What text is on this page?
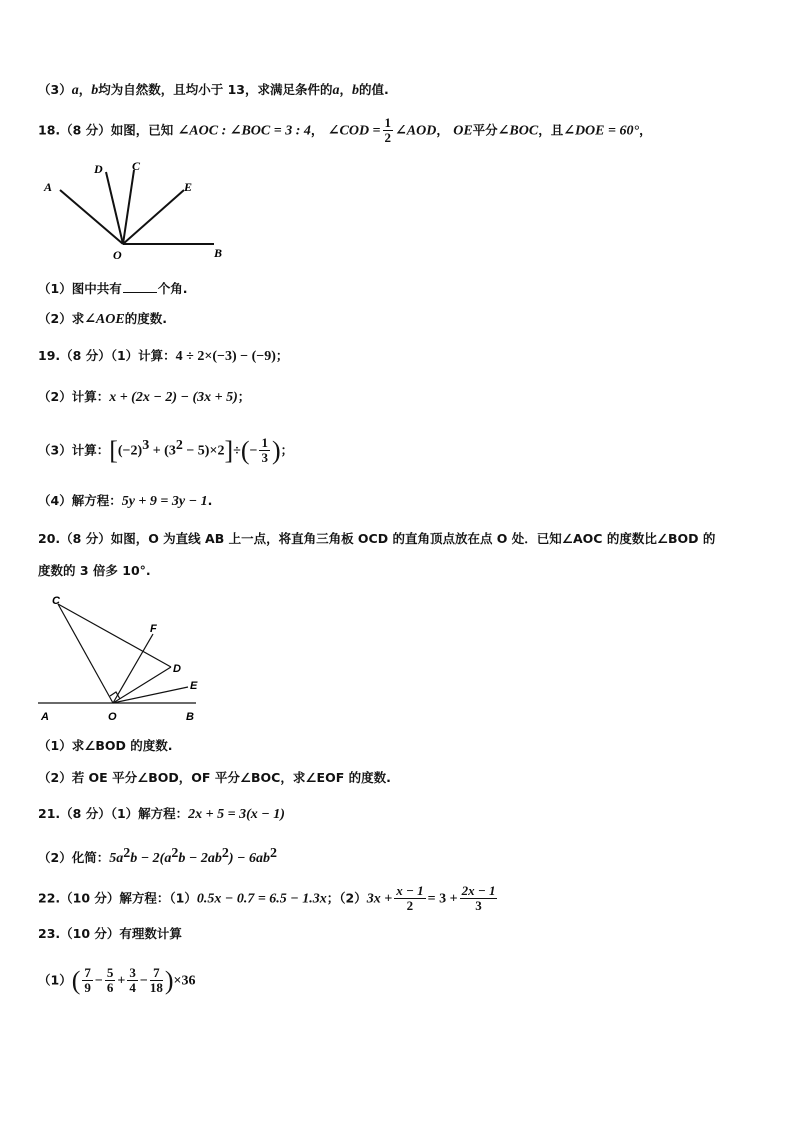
（3）a，b均为自然数，且均小于 13，求满足条件的a，b的值.
18.（8 分）如图，已知 ∠AOC : ∠BOC = 3 : 4， ∠COD = $\frac{1}{2}$ ∠AOD， OE平分∠BOC，且∠DOE = 60°，
A
D C
E
O	B
（1）图中共有	个角.
（2）求∠AOE的度数.
19.（8 分）（1）计算：4 ÷ 2×(−3) − (−9)；
（2）计算：x + (2x − 2) − (3x + 5)；
（3）计算：$[(-2)^3 + (3^2 - 5)\times 2]\div(- \frac{1}{3}$ )；
（4）解方程：5y + 9 = 3y − 1.
20.（8 分）如图，O 为直线 AB 上一点，将直角三角板 OCD 的直角顶点放在点 O 处．已知∠AOC 的度数比∠BOD 的
度数的 3 倍多 10°.
C
F
D
E
A	O	B
（1）求∠BOD 的度数.
（2）若 OE 平分∠BOD，OF 平分∠BOC，求∠EOF 的度数.
21.（8 分）（1）解方程：2x + 5 = 3(x − 1)
（2）化简：$5a^2b - 2(a^2b - 2ab^2) - 6ab^2$
22.（10 分）解方程：（1）0.5x − 0.7 = 6.5 − 1.3x；$(2)3x + \frac{x - 1}{2} = 3 + \frac{2x - 1}{3}$
23.（10 分）有理数计算
$(1)( \frac{7}{9} - \frac{5}{6} + \frac{3}{4} - \frac{7}{18} )\times 36$
